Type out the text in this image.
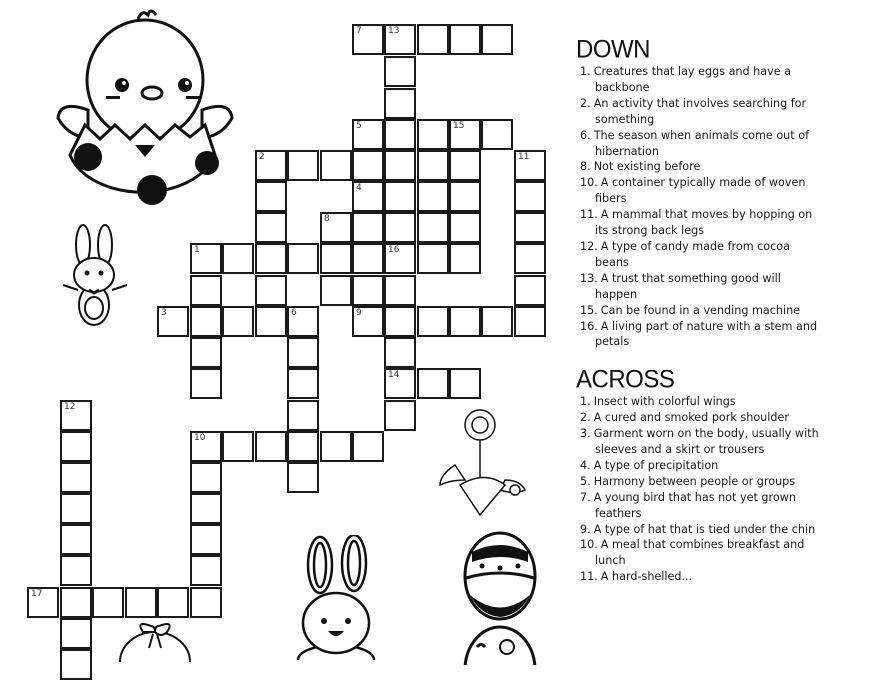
7	13
5	15
2	11
4
8
1	16
3	6	9
14
12
10
17
DOWN
1. Creatures that lay eggs and have a backbone
2. An activity that involves searching for something
6. The season when animals come out of hibernation
8. Not existing before
10. A container typically made of woven fibers
11. A mammal that moves by hopping on its strong back legs
12. A type of candy made from cocoa beans
13. A trust that something good will happen
15. Can be found in a vending machine
16. A living part of nature with a stem and petals
ACROSS
1. Insect with colorful wings
2. A cured and smoked pork shoulder
3. Garment worn on the body, usually with sleeves and a skirt or trousers
4. A type of precipitation
5. Harmony between people or groups
7. A young bird that has not yet grown feathers
9. A type of hat that is tied under the chin
10. A meal that combines breakfast and lunch
11. A hard-shelled...
